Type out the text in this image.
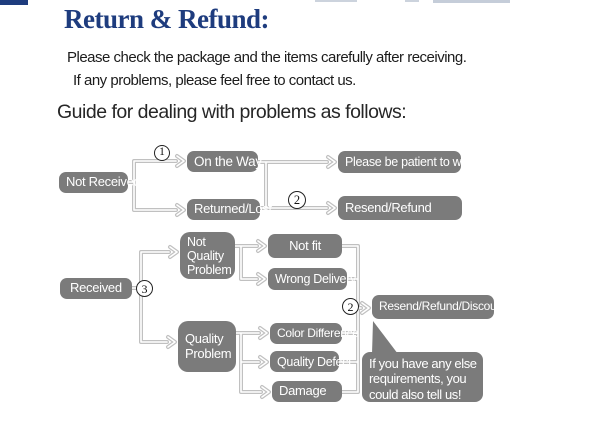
Return & Refund:
Please check the package and the items carefully after receiving.
If any problems, please feel free to contact us.
Guide for dealing with problems as follows:
Not Received
On the Way
Returned/Lost
Please be patient to wait
Resend/Refund
Received
Not Quality Problem
Not fit
Wrong Delivery
Quality Problem
Color Difference
Quality Defect
Damage
Resend/Refund/Discount
1
2
3
2
If you have any else requirements, you could also tell us!
